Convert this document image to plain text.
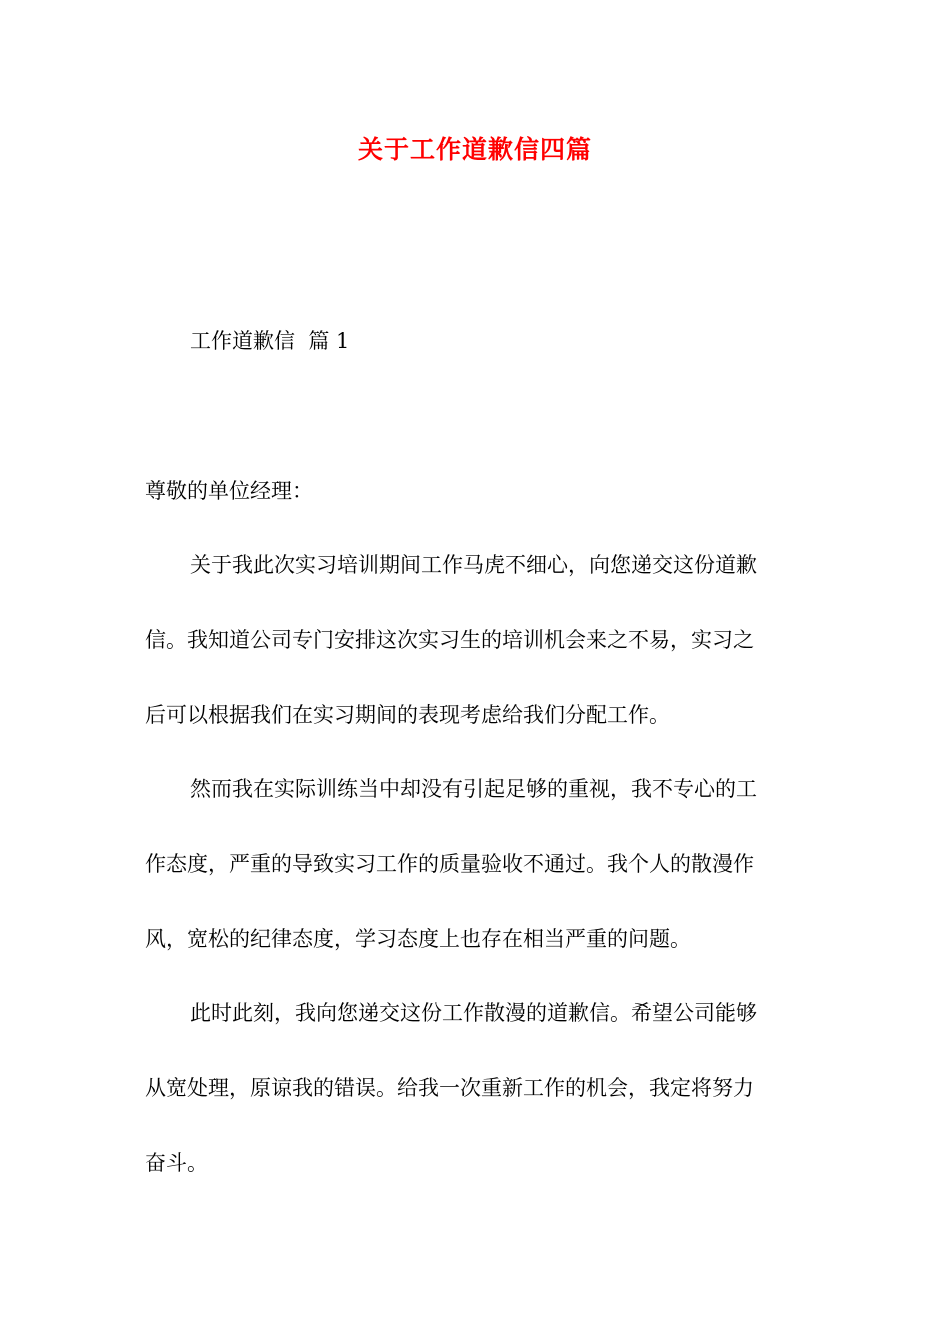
关于工作道歉信四篇

工作道歉信  篇 1

尊敬的单位经理：

关于我此次实习培训期间工作马虎不细心，向您递交这份道歉

信。我知道公司专门安排这次实习生的培训机会来之不易，实习之

后可以根据我们在实习期间的表现考虑给我们分配工作。

然而我在实际训练当中却没有引起足够的重视，我不专心的工

作态度，严重的导致实习工作的质量验收不通过。我个人的散漫作

风，宽松的纪律态度，学习态度上也存在相当严重的问题。

此时此刻，我向您递交这份工作散漫的道歉信。希望公司能够

从宽处理，原谅我的错误。给我一次重新工作的机会，我定将努力

奋斗。
